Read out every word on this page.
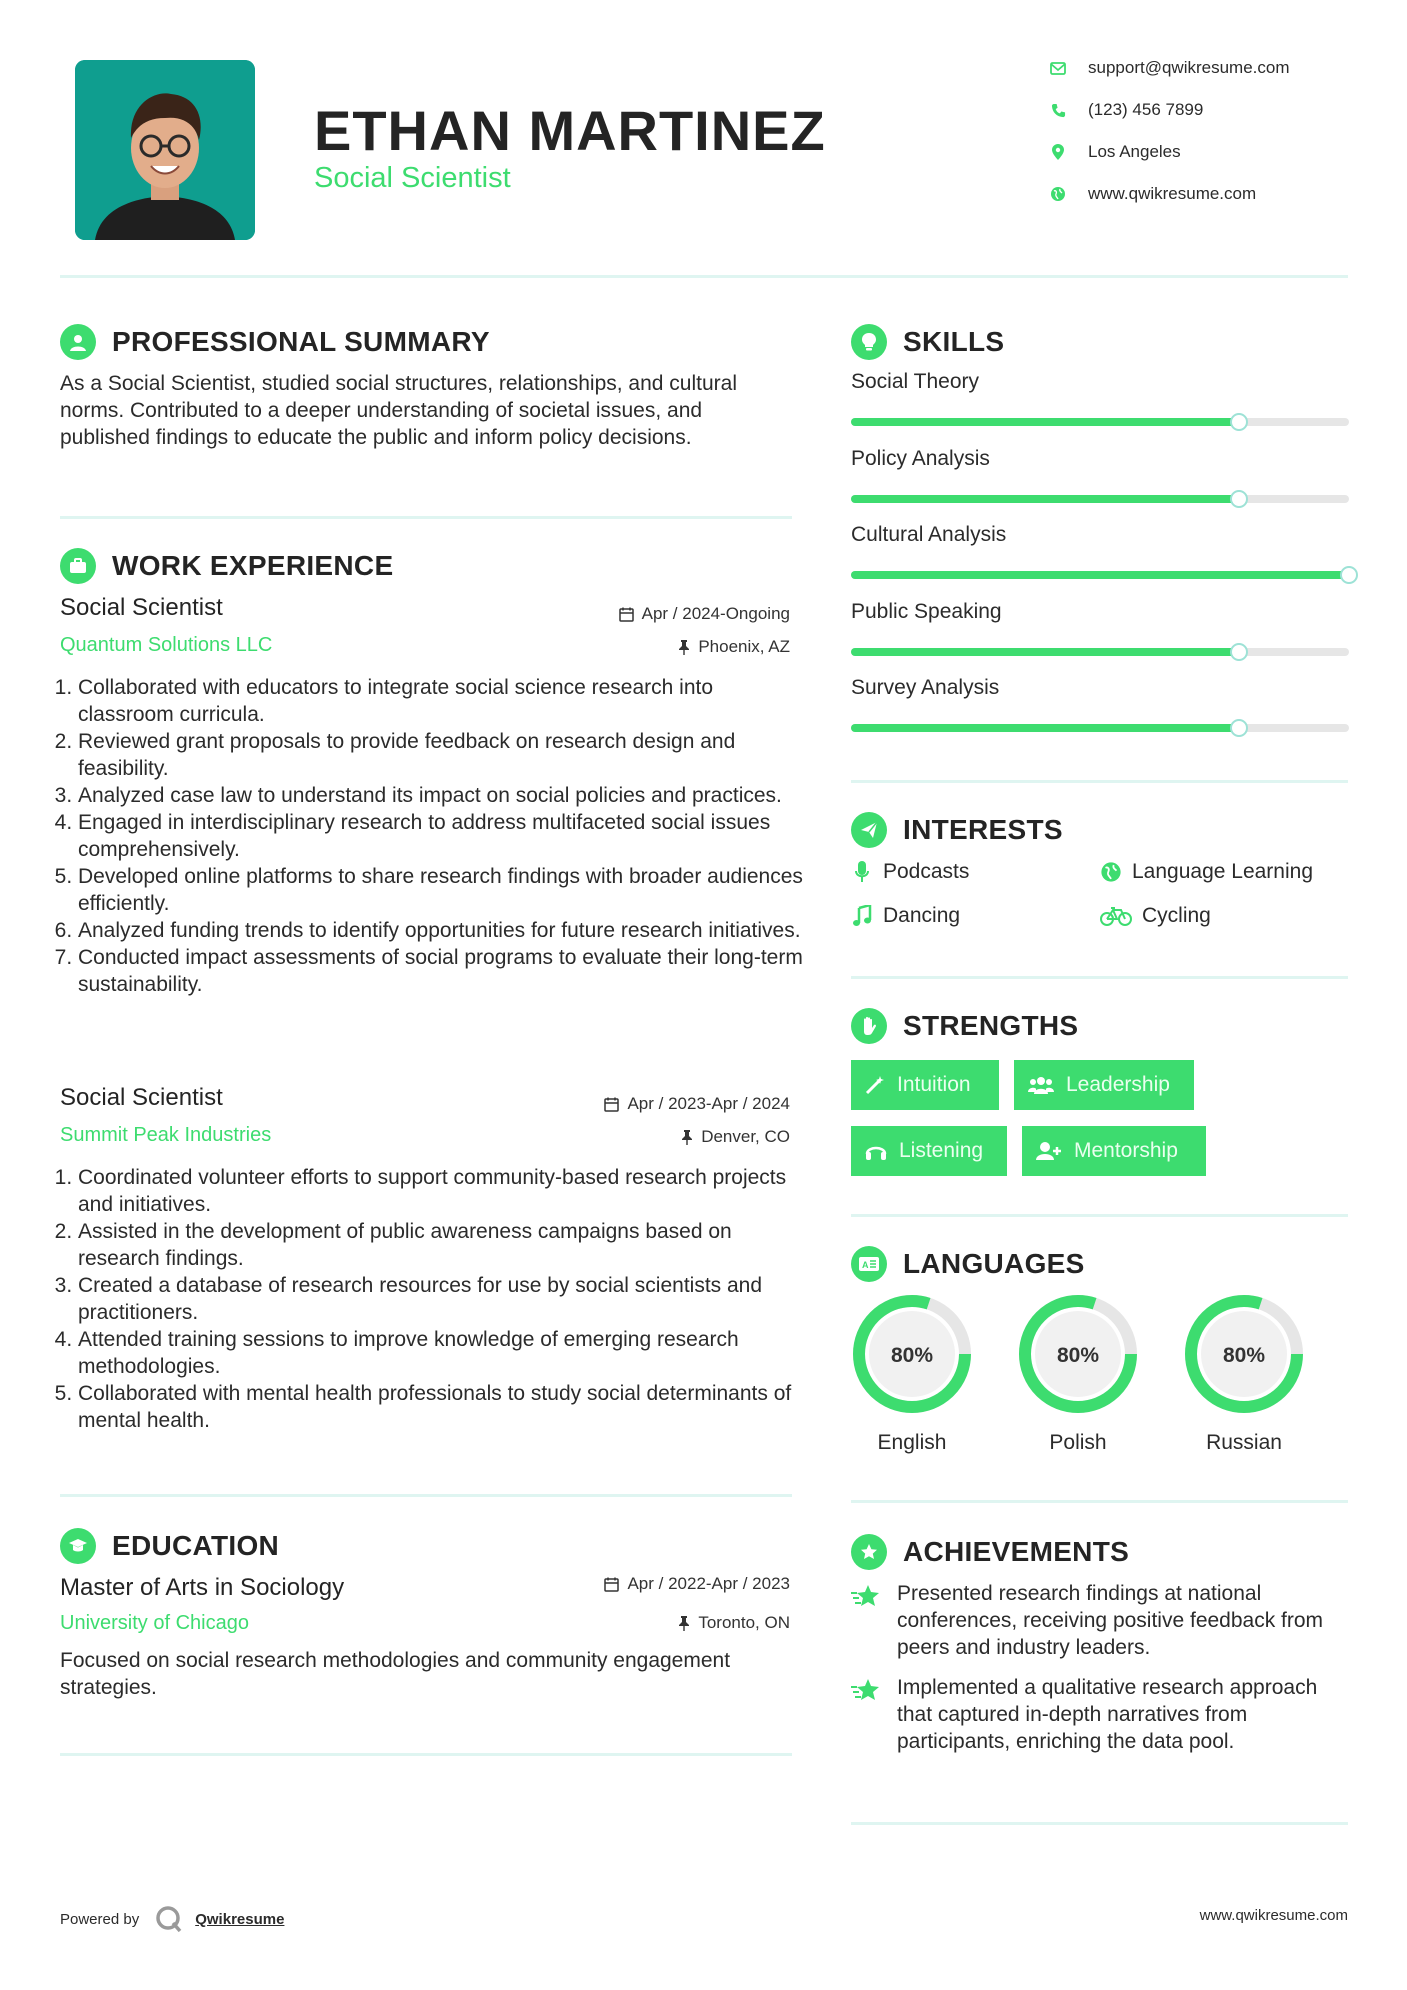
ETHAN MARTINEZ
Social Scientist
support@qwikresume.com
(123) 456 7899
Los Angeles
www.qwikresume.com
PROFESSIONAL SUMMARY
As a Social Scientist, studied social structures, relationships, and cultural norms. Contributed to a deeper understanding of societal issues, and published findings to educate the public and inform policy decisions.
WORK EXPERIENCE
Social Scientist	Apr / 2024-Ongoing
Quantum Solutions LLC	Phoenix, AZ
1. Collaborated with educators to integrate social science research into classroom curricula.
2. Reviewed grant proposals to provide feedback on research design and feasibility.
3. Analyzed case law to understand its impact on social policies and practices.
4. Engaged in interdisciplinary research to address multifaceted social issues comprehensively.
5. Developed online platforms to share research findings with broader audiences efficiently.
6. Analyzed funding trends to identify opportunities for future research initiatives.
7. Conducted impact assessments of social programs to evaluate their long-term sustainability.
Social Scientist	Apr / 2023-Apr / 2024
Summit Peak Industries	Denver, CO
1. Coordinated volunteer efforts to support community-based research projects and initiatives.
2. Assisted in the development of public awareness campaigns based on research findings.
3. Created a database of research resources for use by social scientists and practitioners.
4. Attended training sessions to improve knowledge of emerging research methodologies.
5. Collaborated with mental health professionals to study social determinants of mental health.
EDUCATION
Master of Arts in Sociology	Apr / 2022-Apr / 2023
University of Chicago	Toronto, ON
Focused on social research methodologies and community engagement strategies.
SKILLS
Social Theory
Policy Analysis
Cultural Analysis
Public Speaking
Survey Analysis
INTERESTS
Podcasts	Language Learning
Dancing	Cycling
STRENGTHS
Intuition	Leadership
Listening	Mentorship
A LANGUAGES
80%
English
80%
Polish
80%
Russian
ACHIEVEMENTS
Presented research findings at national conferences, receiving positive feedback from peers and industry leaders.
Implemented a qualitative research approach that captured in-depth narratives from participants, enriching the data pool.
Powered by	Qwikresume	www.qwikresume.com
